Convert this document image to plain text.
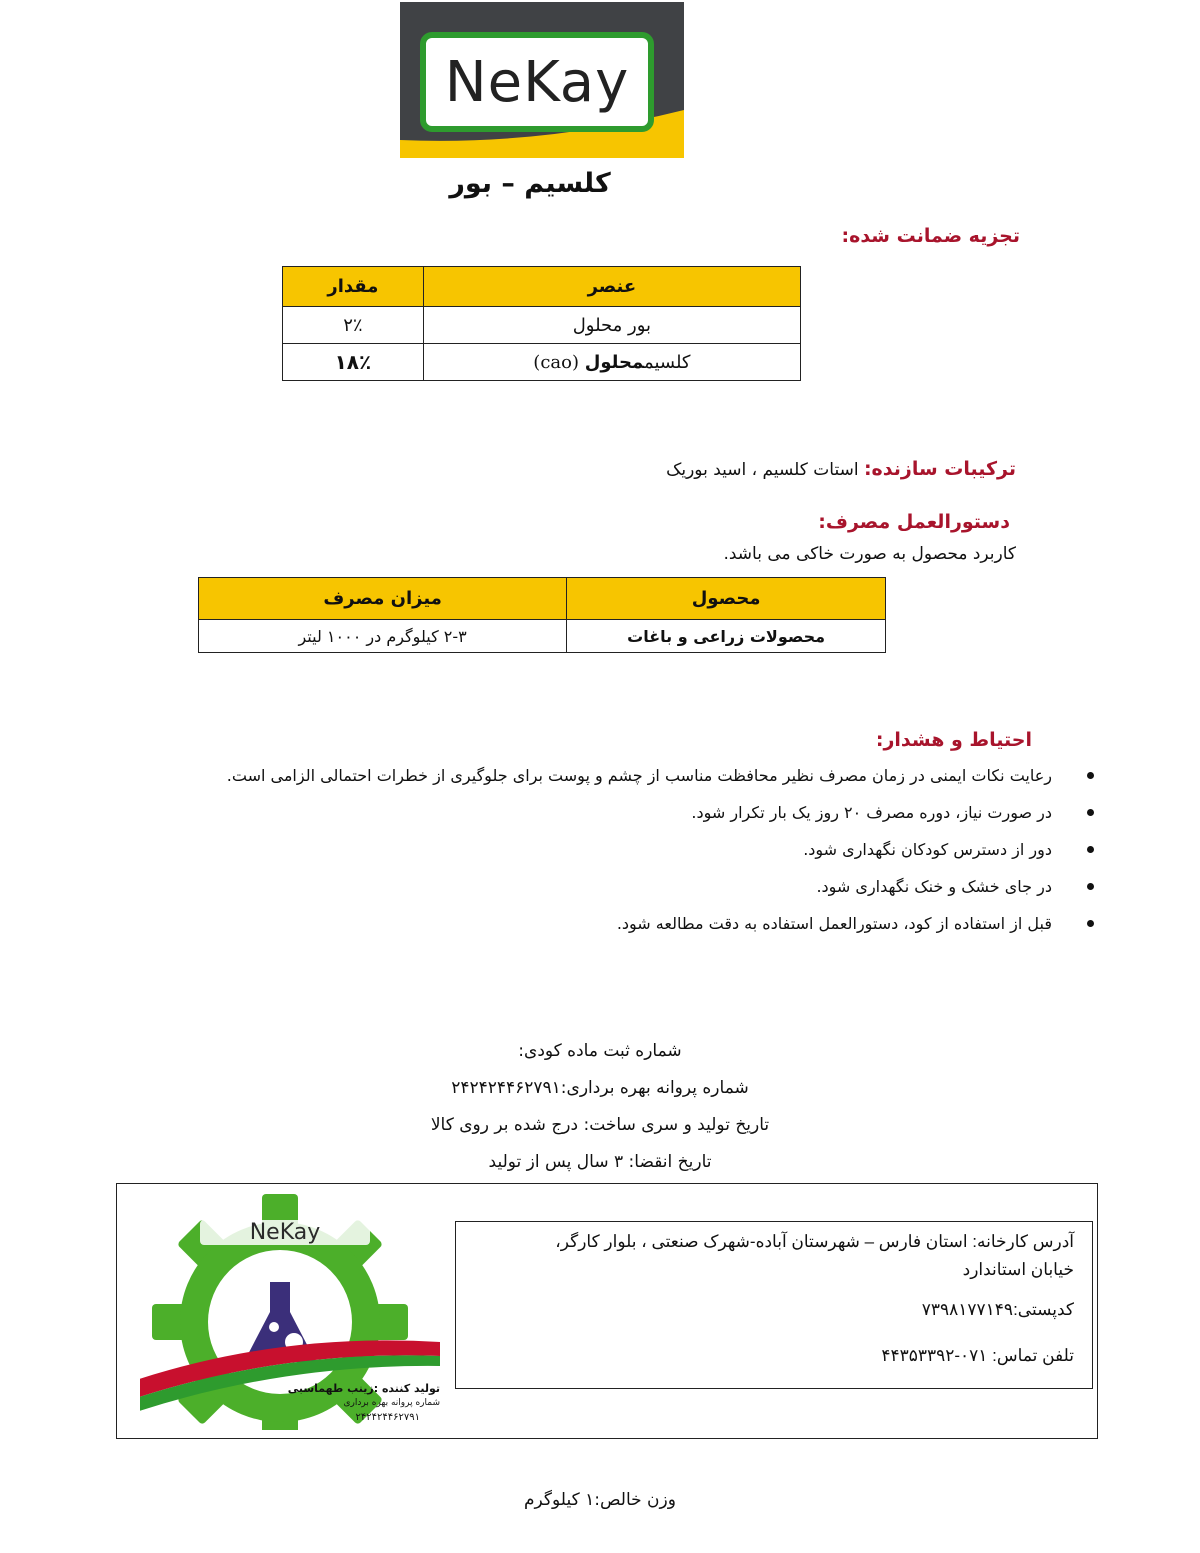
NeKay
کلسیم – بور
تجزیه ضمانت شده:
عنصر	مقدار
بور محلول	۲٪
کلسیممحلول (cao)	۱۸٪
ترکیبات سازنده: استات کلسیم ، اسید بوریک
دستورالعمل مصرف:
کاربرد محصول به صورت خاکی می باشد.
محصول	میزان مصرف
محصولات زراعی و باغات	۲-۳ کیلوگرم در ۱۰۰۰ لیتر
احتیاط و هشدار:
رعایت نکات ایمنی در زمان مصرف نظیر محافظت مناسب از چشم و پوست برای جلوگیری از خطرات احتمالی الزامی است.
در صورت نیاز، دوره مصرف ۲۰ روز یک بار تکرار شود.
دور از دسترس کودکان نگهداری شود.
در جای خشک و خنک نگهداری شود.
قبل از استفاده از کود، دستورالعمل استفاده به دقت مطالعه شود.
شماره ثبت ماده کودی:
شماره پروانه بهره برداری:۲۴۲۴۲۴۴۶۲۷۹۱
تاریخ تولید و سری ساخت: درج شده بر روی کالا
تاریخ انقضا: ۳ سال پس از تولید
NeKay
تولید کننده :زینب طهماسبی
شماره پروانه بهره برداری
۲۴۲۴۲۴۴۶۲۷۹۱
آدرس کارخانه: استان فارس – شهرستان آباده-شهرک صنعتی ، بلوار کارگر،
خیابان استاندارد
کدپستی:۷۳۹۸۱۷۷۱۴۹
تلفن تماس: ۰۷۱-۴۴۳۵۳۳۹۲
وزن خالص:۱ کیلوگرم
